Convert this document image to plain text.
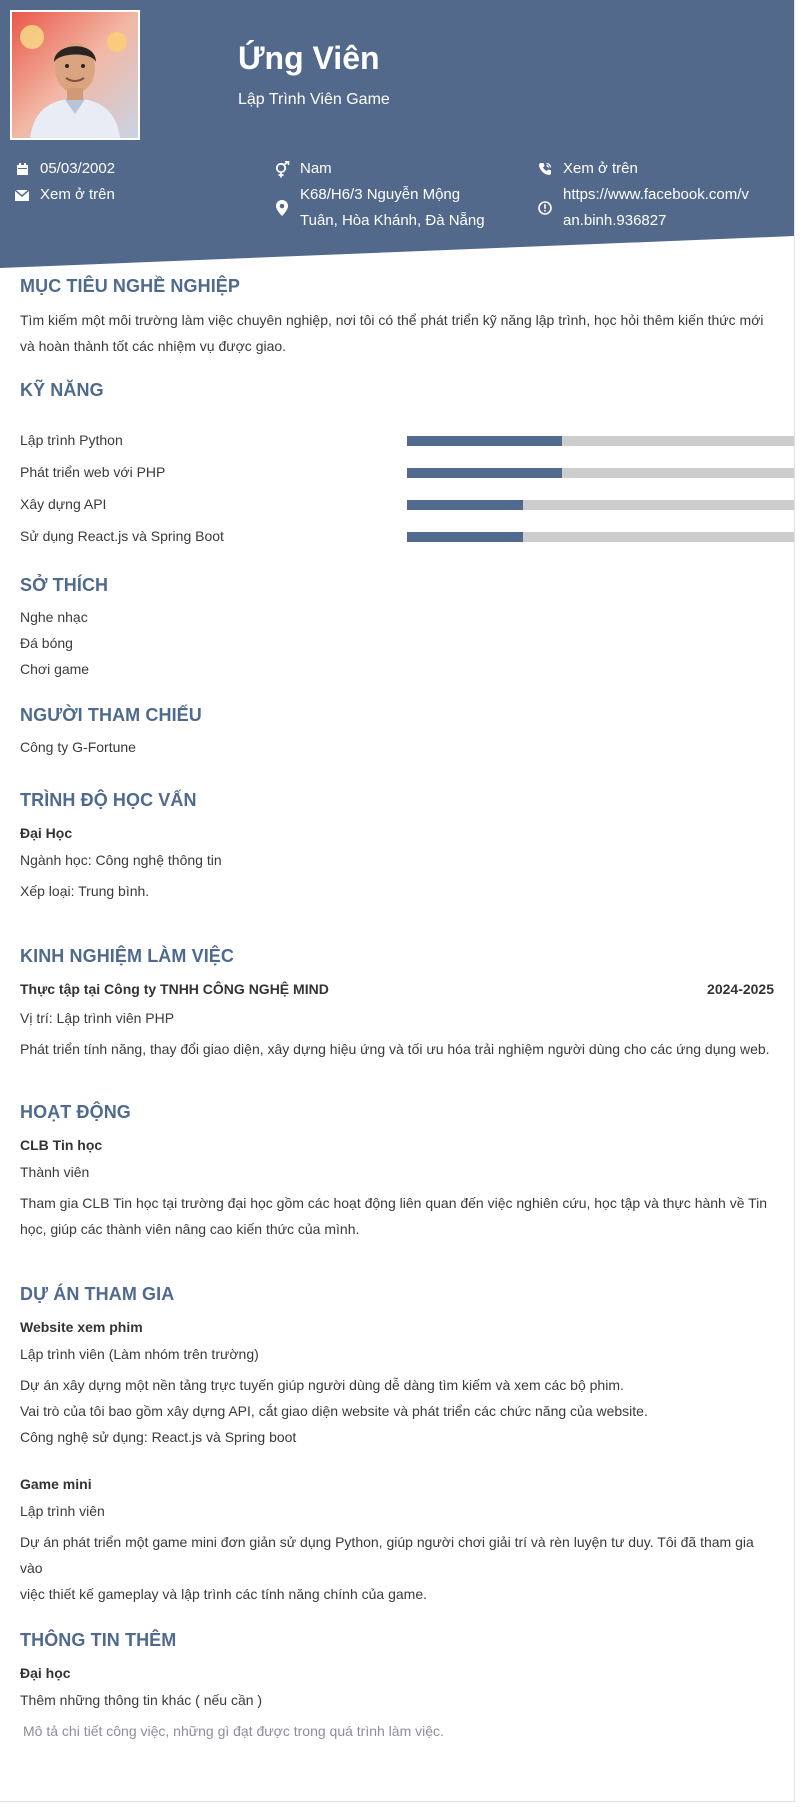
Ứng Viên
Lập Trình Viên Game
05/03/2002
Xem ở trên
Nam
K68/H6/3 Nguyễn Mộng
Tuân, Hòa Khánh, Đà Nẵng
Xem ở trên
https://www.facebook.com/v
an.binh.936827
MỤC TIÊU NGHỀ NGHIỆP
Tìm kiếm một môi trường làm việc chuyên nghiệp, nơi tôi có thể phát triển kỹ năng lập trình, học hỏi thêm kiến thức mới
và hoàn thành tốt các nhiệm vụ được giao.
KỸ NĂNG
Lập trình Python
Phát triển web với PHP
Xây dựng API
Sử dụng React.js và Spring Boot
SỞ THÍCH
Nghe nhạc
Đá bóng
Chơi game
NGƯỜI THAM CHIẾU
Công ty G-Fortune
TRÌNH ĐỘ HỌC VẤN
Đại Học
Ngành học: Công nghệ thông tin
Xếp loại: Trung bình.
KINH NGHIỆM LÀM VIỆC
Thực tập tại Công ty TNHH CÔNG NGHỆ MIND	2024-2025
Vị trí: Lập trình viên PHP
Phát triển tính năng, thay đổi giao diện, xây dựng hiệu ứng và tối ưu hóa trải nghiệm người dùng cho các ứng dụng web.
HOẠT ĐỘNG
CLB Tin học
Thành viên
Tham gia CLB Tin học tại trường đại học gồm các hoạt động liên quan đến việc nghiên cứu, học tập và thực hành về Tin
học, giúp các thành viên nâng cao kiến thức của mình.
DỰ ÁN THAM GIA
Website xem phim
Lập trình viên (Làm nhóm trên trường)
Dự án xây dựng một nền tảng trực tuyến giúp người dùng dễ dàng tìm kiếm và xem các bộ phim.
Vai trò của tôi bao gồm xây dựng API, cắt giao diện website và phát triển các chức năng của website.
Công nghệ sử dụng: React.js và Spring boot
Game mini
Lập trình viên
Dự án phát triển một game mini đơn giản sử dụng Python, giúp người chơi giải trí và rèn luyện tư duy. Tôi đã tham gia vào
việc thiết kế gameplay và lập trình các tính năng chính của game.
THÔNG TIN THÊM
Đại học
Thêm những thông tin khác ( nếu cần )
Mô tả chi tiết công việc, những gì đạt được trong quá trình làm việc.
